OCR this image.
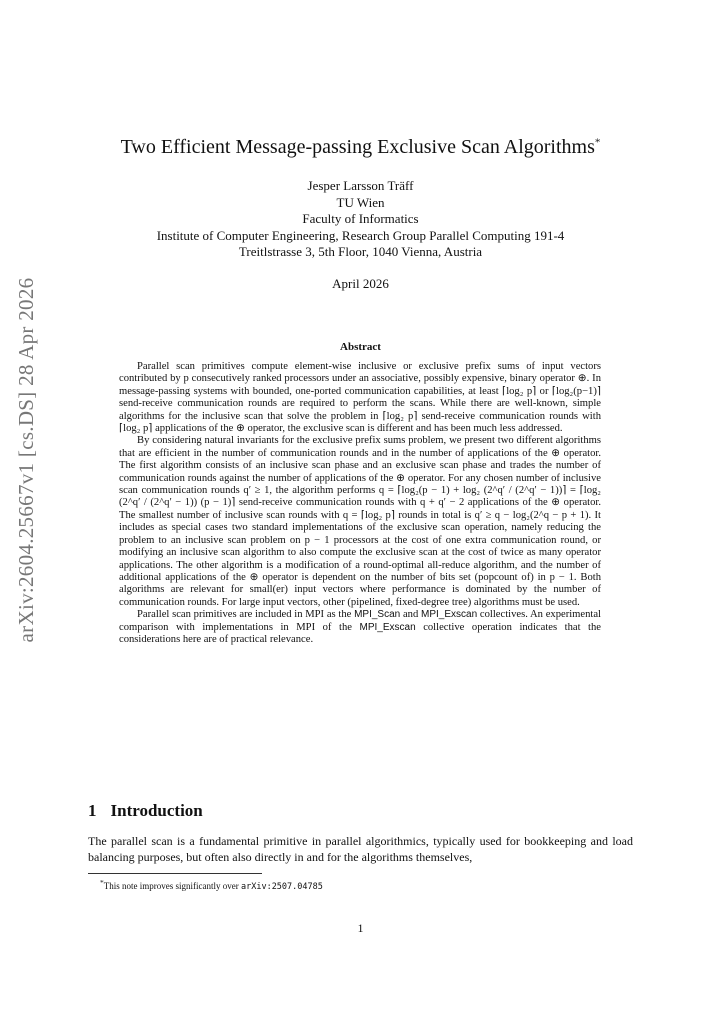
arXiv:2604.25667v1 [cs.DS] 28 Apr 2026
Two Efficient Message-passing Exclusive Scan Algorithms*
Jesper Larsson Träff
TU Wien
Faculty of Informatics
Institute of Computer Engineering, Research Group Parallel Computing 191-4
Treitlstrasse 3, 5th Floor, 1040 Vienna, Austria
April 2026
Abstract

Parallel scan primitives compute element-wise inclusive or exclusive prefix sums of input vectors contributed by p consecutively ranked processors under an associative, possibly expensive, binary operator ⊕. In message-passing systems with bounded, one-ported communication capabilities, at least ⌈log₂ p⌉ or ⌈log₂(p−1)⌉ send-receive communication rounds are required to perform the scans. While there are well-known, simple algorithms for the inclusive scan that solve the problem in ⌈log₂ p⌉ send-receive communication rounds with ⌈log₂ p⌉ applications of the ⊕ operator, the exclusive scan is different and has been much less addressed.

By considering natural invariants for the exclusive prefix sums problem, we present two different algorithms that are efficient in the number of communication rounds and in the number of applications of the ⊕ operator. The first algorithm consists of an inclusive scan phase and an exclusive scan phase and trades the number of communication rounds against the number of applications of the ⊕ operator. For any chosen number of inclusive scan communication rounds q′ ≥ 1, the algorithm performs q = ⌈log₂(p − 1) + log₂ (2^q′ / (2^q′ − 1))⌉ = ⌈log₂ (2^q′ / (2^q′ − 1)) (p − 1)⌉ send-receive communication rounds with q + q′ − 2 applications of the ⊕ operator. The smallest number of inclusive scan rounds with q = ⌈log₂ p⌉ rounds in total is q′ ≥ q − log₂(2^q − p + 1). It includes as special cases two standard implementations of the exclusive scan operation, namely reducing the problem to an inclusive scan problem on p − 1 processors at the cost of one extra communication round, or modifying an inclusive scan algorithm to also compute the exclusive scan at the cost of twice as many operator applications. The other algorithm is a modification of a round-optimal all-reduce algorithm, and the number of additional applications of the ⊕ operator is dependent on the number of bits set (popcount of) in p − 1. Both algorithms are relevant for small(er) input vectors where performance is dominated by the number of communication rounds. For large input vectors, other (pipelined, fixed-degree tree) algorithms must be used.

Parallel scan primitives are included in MPI as the MPI_Scan and MPI_Exscan collectives. An experimental comparison with implementations in MPI of the MPI_Exscan collective operation indicates that the considerations here are of practical relevance.

1 Introduction
The parallel scan is a fundamental primitive in parallel algorithmics, typically used for bookkeeping and load balancing purposes, but often also directly in and for the algorithms themselves,
*This note improves significantly over arXiv:2507.04785
1
